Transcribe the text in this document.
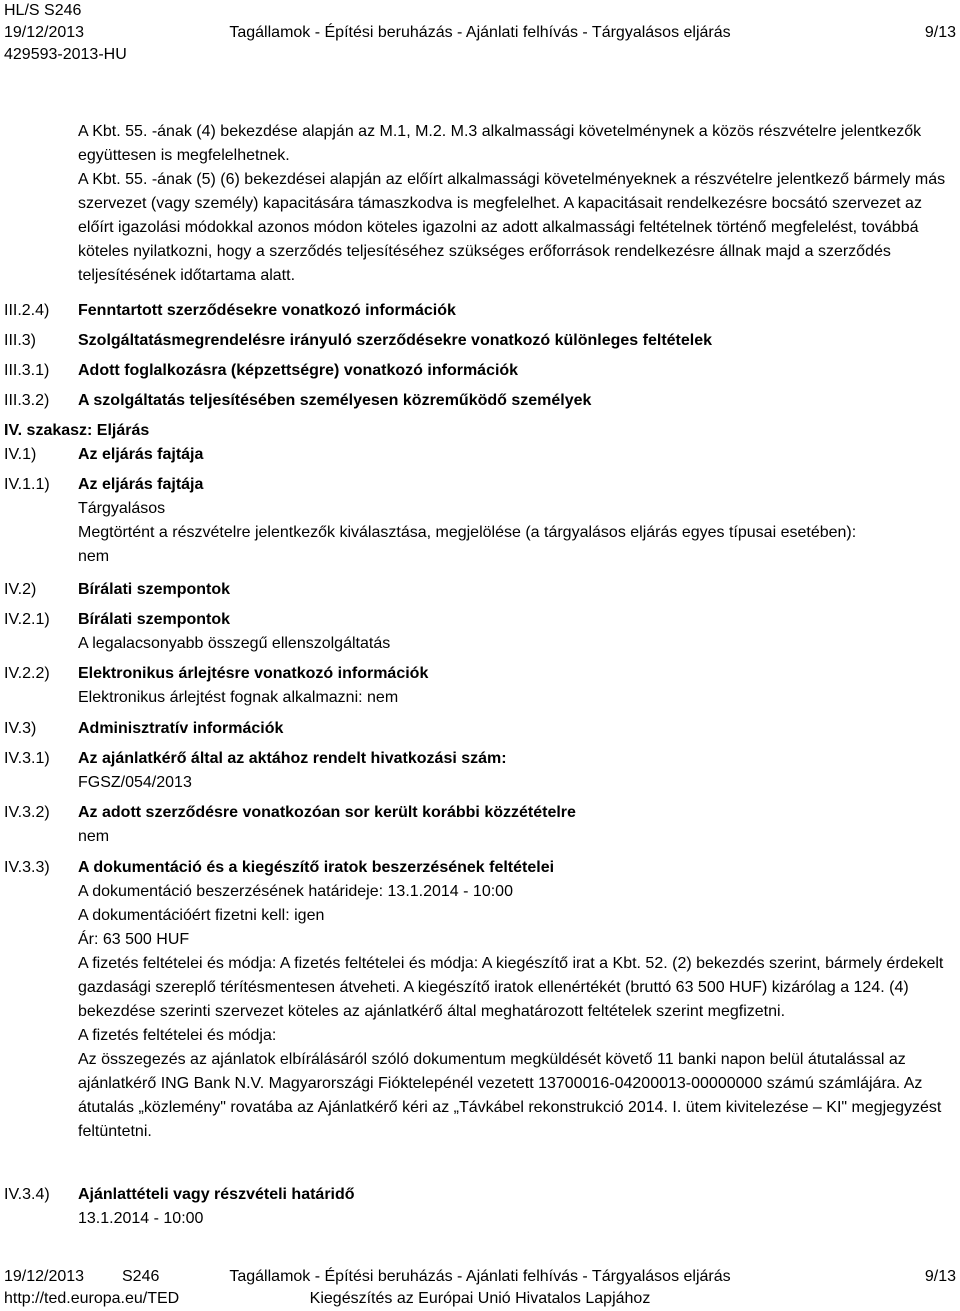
HL/S S246
19/12/2013	Tagállamok - Építési beruházás - Ajánlati felhívás - Tárgyalásos eljárás	9/13
429593-2013-HU
A Kbt. 55. -ának (4) bekezdése alapján az M.1, M.2. M.3 alkalmassági követelménynek a közös részvételre jelentkezők együttesen is megfelelhetnek.
A Kbt. 55. -ának (5) (6) bekezdései alapján az előírt alkalmassági követelményeknek a részvételre jelentkező bármely más szervezet (vagy személy) kapacitására támaszkodva is megfelelhet. A kapacitásait rendelkezésre bocsátó szervezet az előírt igazolási módokkal azonos módon köteles igazolni az adott alkalmassági feltételnek történő megfelelést, továbbá köteles nyilatkozni, hogy a szerződés teljesítéséhez szükséges erőforrások rendelkezésre állnak majd a szerződés teljesítésének időtartama alatt.
III.2.4) Fenntartott szerződésekre vonatkozó információk
III.3)	Szolgáltatásmegrendelésre irányuló szerződésekre vonatkozó különleges feltételek
III.3.1) Adott foglalkozásra (képzettségre) vonatkozó információk
III.3.2) A szolgáltatás teljesítésében személyesen közreműködő személyek
IV. szakasz: Eljárás
IV.1)	Az eljárás fajtája
IV.1.1) Az eljárás fajtája
Tárgyalásos
Megtörtént a részvételre jelentkezők kiválasztása, megjelölése (a tárgyalásos eljárás egyes típusai esetében):
nem
IV.2)	Bírálati szempontok
IV.2.1) Bírálati szempontok
A legalacsonyabb összegű ellenszolgáltatás
IV.2.2) Elektronikus árlejtésre vonatkozó információk
Elektronikus árlejtést fognak alkalmazni: nem
IV.3)	Adminisztratív információk
IV.3.1) Az ajánlatkérő által az aktához rendelt hivatkozási szám:
FGSZ/054/2013
IV.3.2) Az adott szerződésre vonatkozóan sor került korábbi közzétételre
nem
IV.3.3) A dokumentáció és a kiegészítő iratok beszerzésének feltételei
A dokumentáció beszerzésének határideje: 13.1.2014 - 10:00
A dokumentációért fizetni kell: igen
Ár: 63 500 HUF
A fizetés feltételei és módja: A fizetés feltételei és módja: A kiegészítő irat a Kbt. 52. (2) bekezdés szerint, bármely érdekelt gazdasági szereplő térítésmentesen átveheti. A kiegészítő iratok ellenértékét (bruttó 63 500 HUF) kizárólag a 124. (4) bekezdése szerinti szervezet köteles az ajánlatkérő által meghatározott feltételek szerint megfizetni.
A fizetés feltételei és módja:
Az összegezés az ajánlatok elbírálásáról szóló dokumentum megküldését követő 11 banki napon belül átutalással az ajánlatkérő ING Bank N.V. Magyarországi Fióktelepénél vezetett 13700016-04200013-00000000 számú számlájára. Az átutalás „közlemény" rovatába az Ajánlatkérő kéri az „Távkábel rekonstrukció 2014. I. ütem kivitelezése – KI" megjegyzést feltüntetni.
IV.3.4) Ajánlattételi vagy részvételi határidő
13.1.2014 - 10:00
19/12/2013 S246	Tagállamok - Építési beruházás - Ajánlati felhívás - Tárgyalásos eljárás	9/13
http://ted.europa.eu/TED	Kiegészítés az Európai Unió Hivatalos Lapjához
